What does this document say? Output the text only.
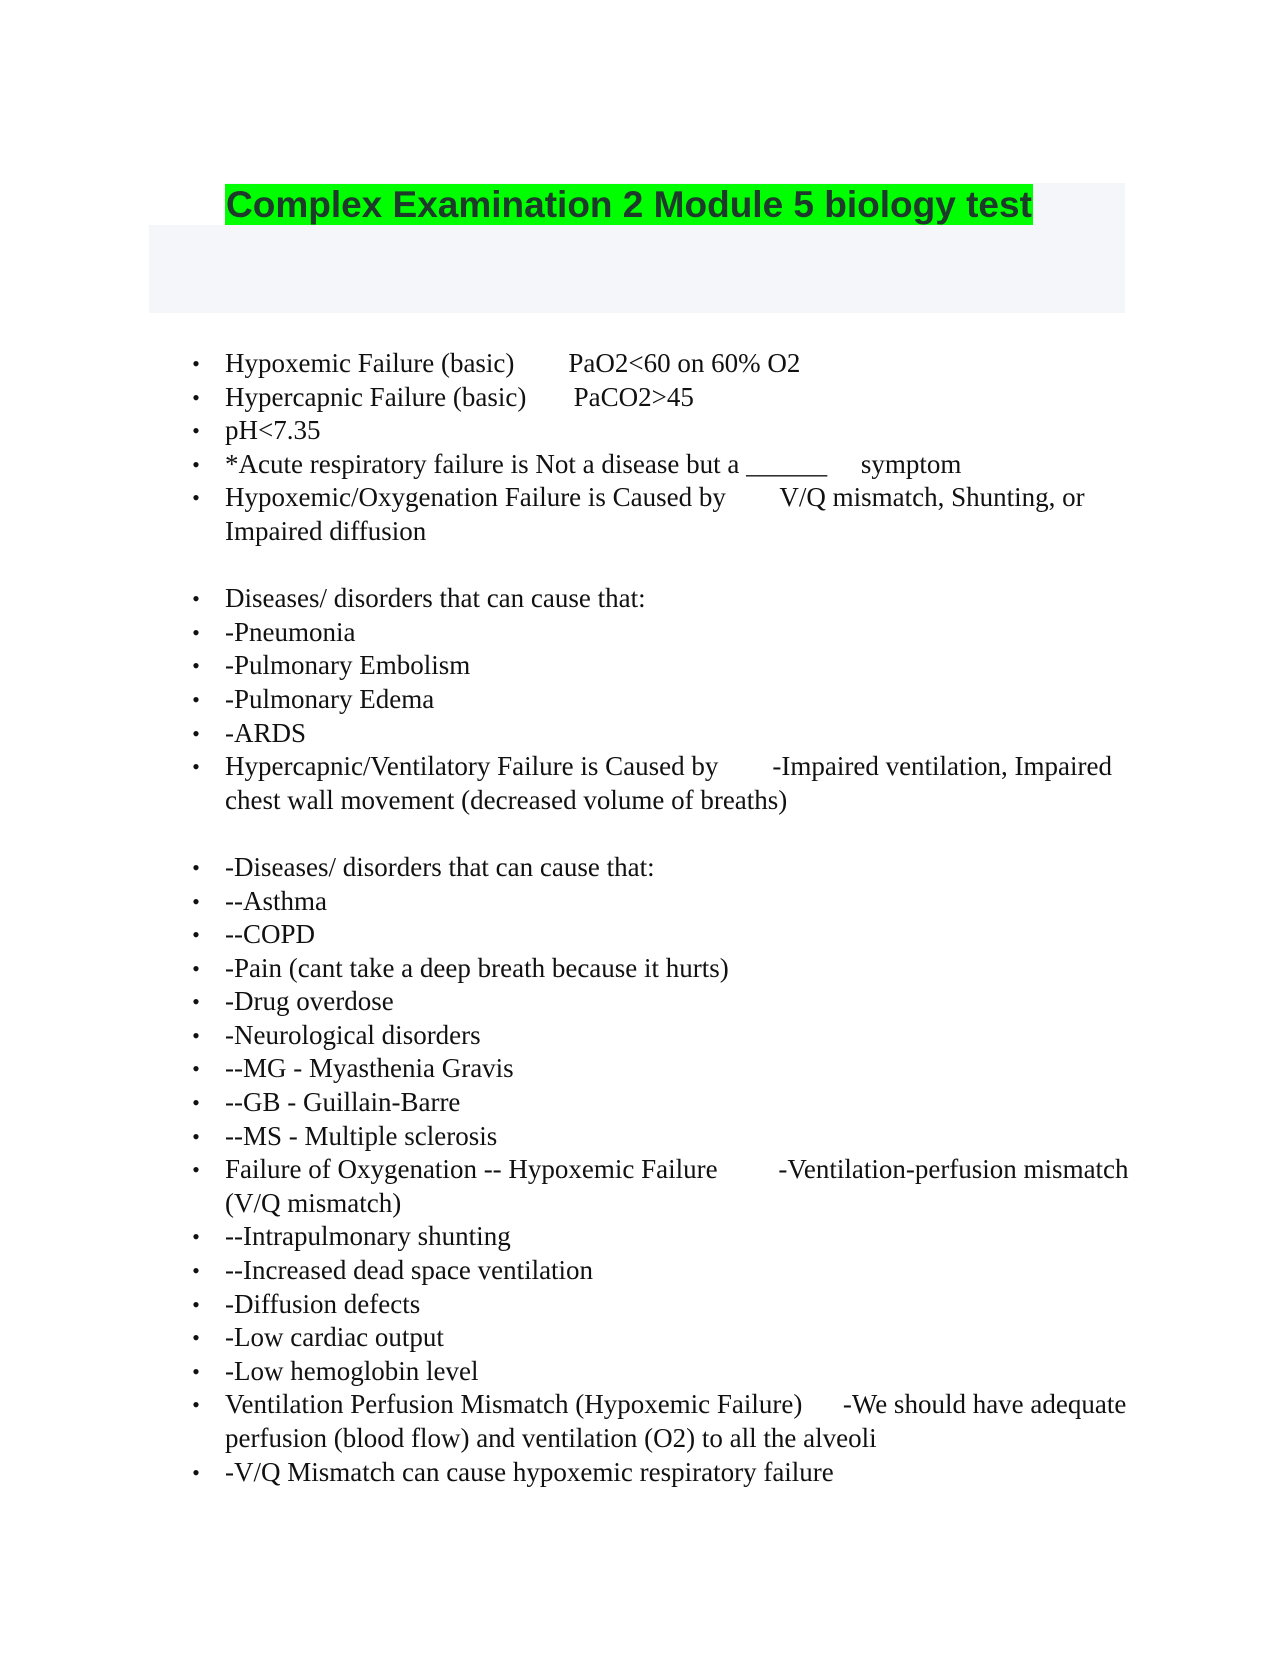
Complex Examination 2 Module 5 biology test
• Hypoxemic Failure (basic)        PaO2<60 on 60% O2
• Hypercapnic Failure (basic)       PaCO2>45
• pH<7.35
• *Acute respiratory failure is Not a disease but a ______     symptom
• Hypoxemic/Oxygenation Failure is Caused by        V/Q mismatch, Shunting, or Impaired diffusion
• Diseases/ disorders that can cause that:
• -Pneumonia
• -Pulmonary Embolism
• -Pulmonary Edema
• -ARDS
• Hypercapnic/Ventilatory Failure is Caused by        -Impaired ventilation, Impaired chest wall movement (decreased volume of breaths)
• -Diseases/ disorders that can cause that:
• --Asthma
• --COPD
• -Pain (cant take a deep breath because it hurts)
• -Drug overdose
• -Neurological disorders
• --MG - Myasthenia Gravis
• --GB - Guillain-Barre
• --MS - Multiple sclerosis
• Failure of Oxygenation -- Hypoxemic Failure         -Ventilation-perfusion mismatch (V/Q mismatch)
• --Intrapulmonary shunting
• --Increased dead space ventilation
• -Diffusion defects
• -Low cardiac output
• -Low hemoglobin level
• Ventilation Perfusion Mismatch (Hypoxemic Failure)      -We should have adequate perfusion (blood flow) and ventilation (O2) to all the alveoli
• -V/Q Mismatch can cause hypoxemic respiratory failure
